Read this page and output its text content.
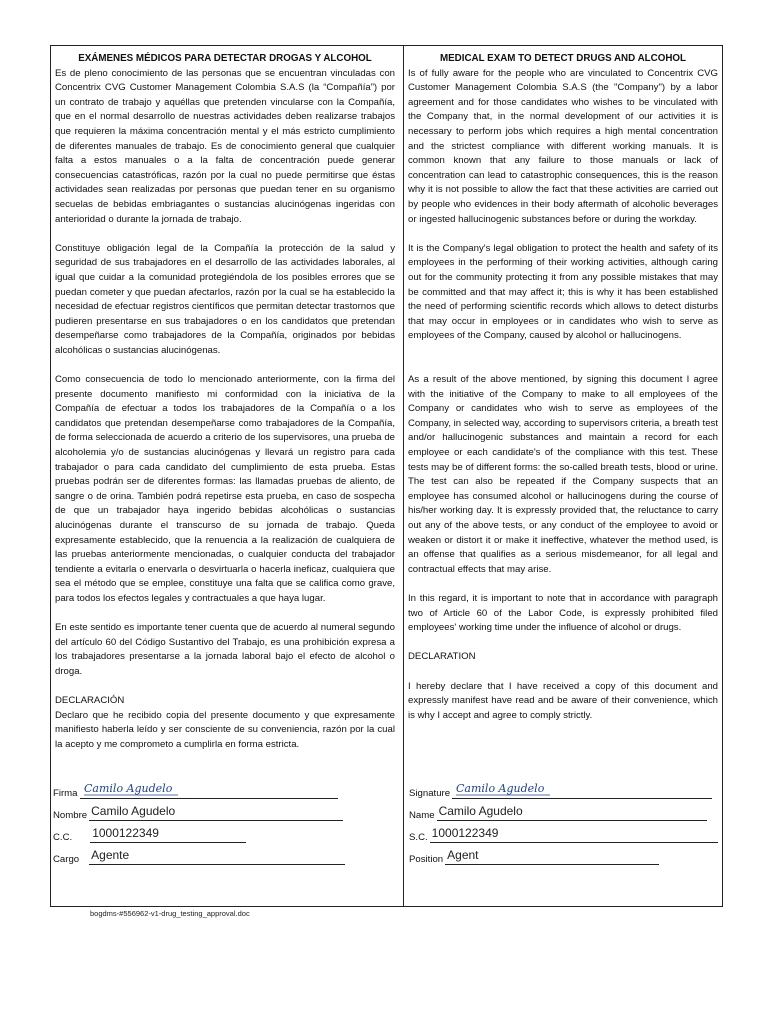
EXÁMENES MÉDICOS PARA DETECTAR DROGAS Y ALCOHOL

Es de pleno conocimiento de las personas que se encuentran vinculadas con Concentrix CVG Customer Management Colombia S.A.S (la “Compañía”) por un contrato de trabajo y aquéllas que pretenden vincularse con la Compañía, que en el normal desarrollo de nuestras actividades deben realizarse trabajos que requieren la máxima concentración mental y el más estricto cumplimiento de diferentes manuales de trabajo. Es de conocimiento general que cualquier falta a estos manuales o a la falta de concentración puede generar consecuencias catastróficas, razón por la cual no puede permitirse que éstas actividades sean realizadas por personas que puedan tener en su organismo secuelas de bebidas embriagantes o sustancias alucinógenas ingeridas con anterioridad o durante la jornada de trabajo.

Constituye obligación legal de la Compañía la protección de la salud y seguridad de sus trabajadores en el desarrollo de las actividades laborales, al igual que cuidar a la comunidad protegiéndola de los posibles errores que se puedan cometer y que puedan afectarlos, razón por la cual se ha establecido la necesidad de efectuar registros científicos que permitan detectar trastornos que pudieren presentarse en sus trabajadores o en los candidatos que pretendan desempeñarse como trabajadores de la Compañía, originados por bebidas alcohólicas o sustancias alucinógenas.

Como consecuencia de todo lo mencionado anteriormente, con la firma del presente documento manifiesto mi conformidad con la iniciativa de la Compañía de efectuar a todos los trabajadores de la Compañía o a los candidatos que pretendan desempeñarse como trabajadores de la Compañía, de forma seleccionada de acuerdo a criterio de los supervisores, una prueba de alcoholemia y/o de sustancias alucinógenas y llevará un registro para cada trabajador o para cada candidato del cumplimiento de esta prueba. Estas pruebas podrán ser de diferentes formas: las llamadas pruebas de aliento, de sangre o de orina. También podrá repetirse esta prueba, en caso de sospecha de que un trabajador haya ingerido bebidas alcohólicas o sustancias alucinógenas durante el transcurso de su jornada de trabajo. Queda expresamente establecido, que la renuencia a la realización de cualquiera de las pruebas anteriormente mencionadas, o cualquier conducta del trabajador tendiente a evitarla o enervarla o desvirtuarla o hacerla ineficaz, cualquiera que sea el método que se emplee, constituye una falta que se califica como grave, para todos los efectos legales y contractuales a que haya lugar.

En este sentido es importante tener cuenta que de acuerdo al numeral segundo del artículo 60 del Código Sustantivo del Trabajo, es una prohibición expresa a los trabajadores presentarse a la jornada laboral bajo el efecto de alcohol o droga.

DECLARACIÓN

Declaro que he recibido copia del presente documento y que expresamente manifiesto haberla leído y ser consciente de su conveniencia, razón por la cual la acepto y me comprometo a cumplirla en forma estricta.

MEDICAL EXAM TO DETECT DRUGS AND ALCOHOL

Is of fully aware for the people who are vinculated to Concentrix CVG Customer Management Colombia S.A.S (the "Company") by a labor agreement and for those candidates who wishes to be vinculated with the Company that, in the normal development of our activities it is necessary to perform jobs which requires a high mental concentration and the strictest compliance with different working manuals. It is common known that any failure to those manuals or lack of concentration can lead to catastrophic consequences, this is the reason why it is not possible to allow the fact that these activities are carried out by people who evidences in their body aftermath of alcoholic beverages or ingested hallucinogenic substances before or during the workday.

It is the Company's legal obligation to protect the health and safety of its employees in the performing of their working activities, although caring out for the community protecting it from any possible mistakes that may be committed and that may affect it; this is why it has been established the need of performing scientific records which allows to detect disturbs that may occur in employees or in candidates who wish to serve as employees of the Company, caused by alcohol or hallucinogens.

As a result of the above mentioned, by signing this document I agree with the initiative of the Company to make to all employees of the Company or candidates who wish to serve as employees of the Company, in selected way, according to supervisors criteria, a breath test and/or hallucinogenic substances and maintain a record for each employee or each candidate's of the compliance with this test. These tests may be of different forms: the so-called breath tests, blood or urine. The test can also be repeated if the Company suspects that an employee has consumed alcohol or hallucinogens during the course of his/her working day. It is expressly provided that, the reluctance to carry out any of the above tests, or any conduct of the employee to avoid or weaken or distort it or make it ineffective, whatever the method used, is an offense that qualifies as a serious misdemeanor, for all legal and contractual effects that may arise.

In this regard, it is important to note that in accordance with paragraph two of Article 60 of the Labor Code, is expressly prohibited filed employees' working time under the influence of alcohol or drugs.

DECLARATION

I hereby declare that I have received a copy of this document and expressly manifest have read and be aware of their convenience, which is why I accept and agree to comply strictly.

Firma Camilo Agudelo
Nombre Camilo Agudelo
C.C. 1000122349
Cargo Agente
Signature Camilo Agudelo
Name Camilo Agudelo
S.C. 1000122349
Position Agent
bogdms-#556962-v1-drug_testing_approval.doc
